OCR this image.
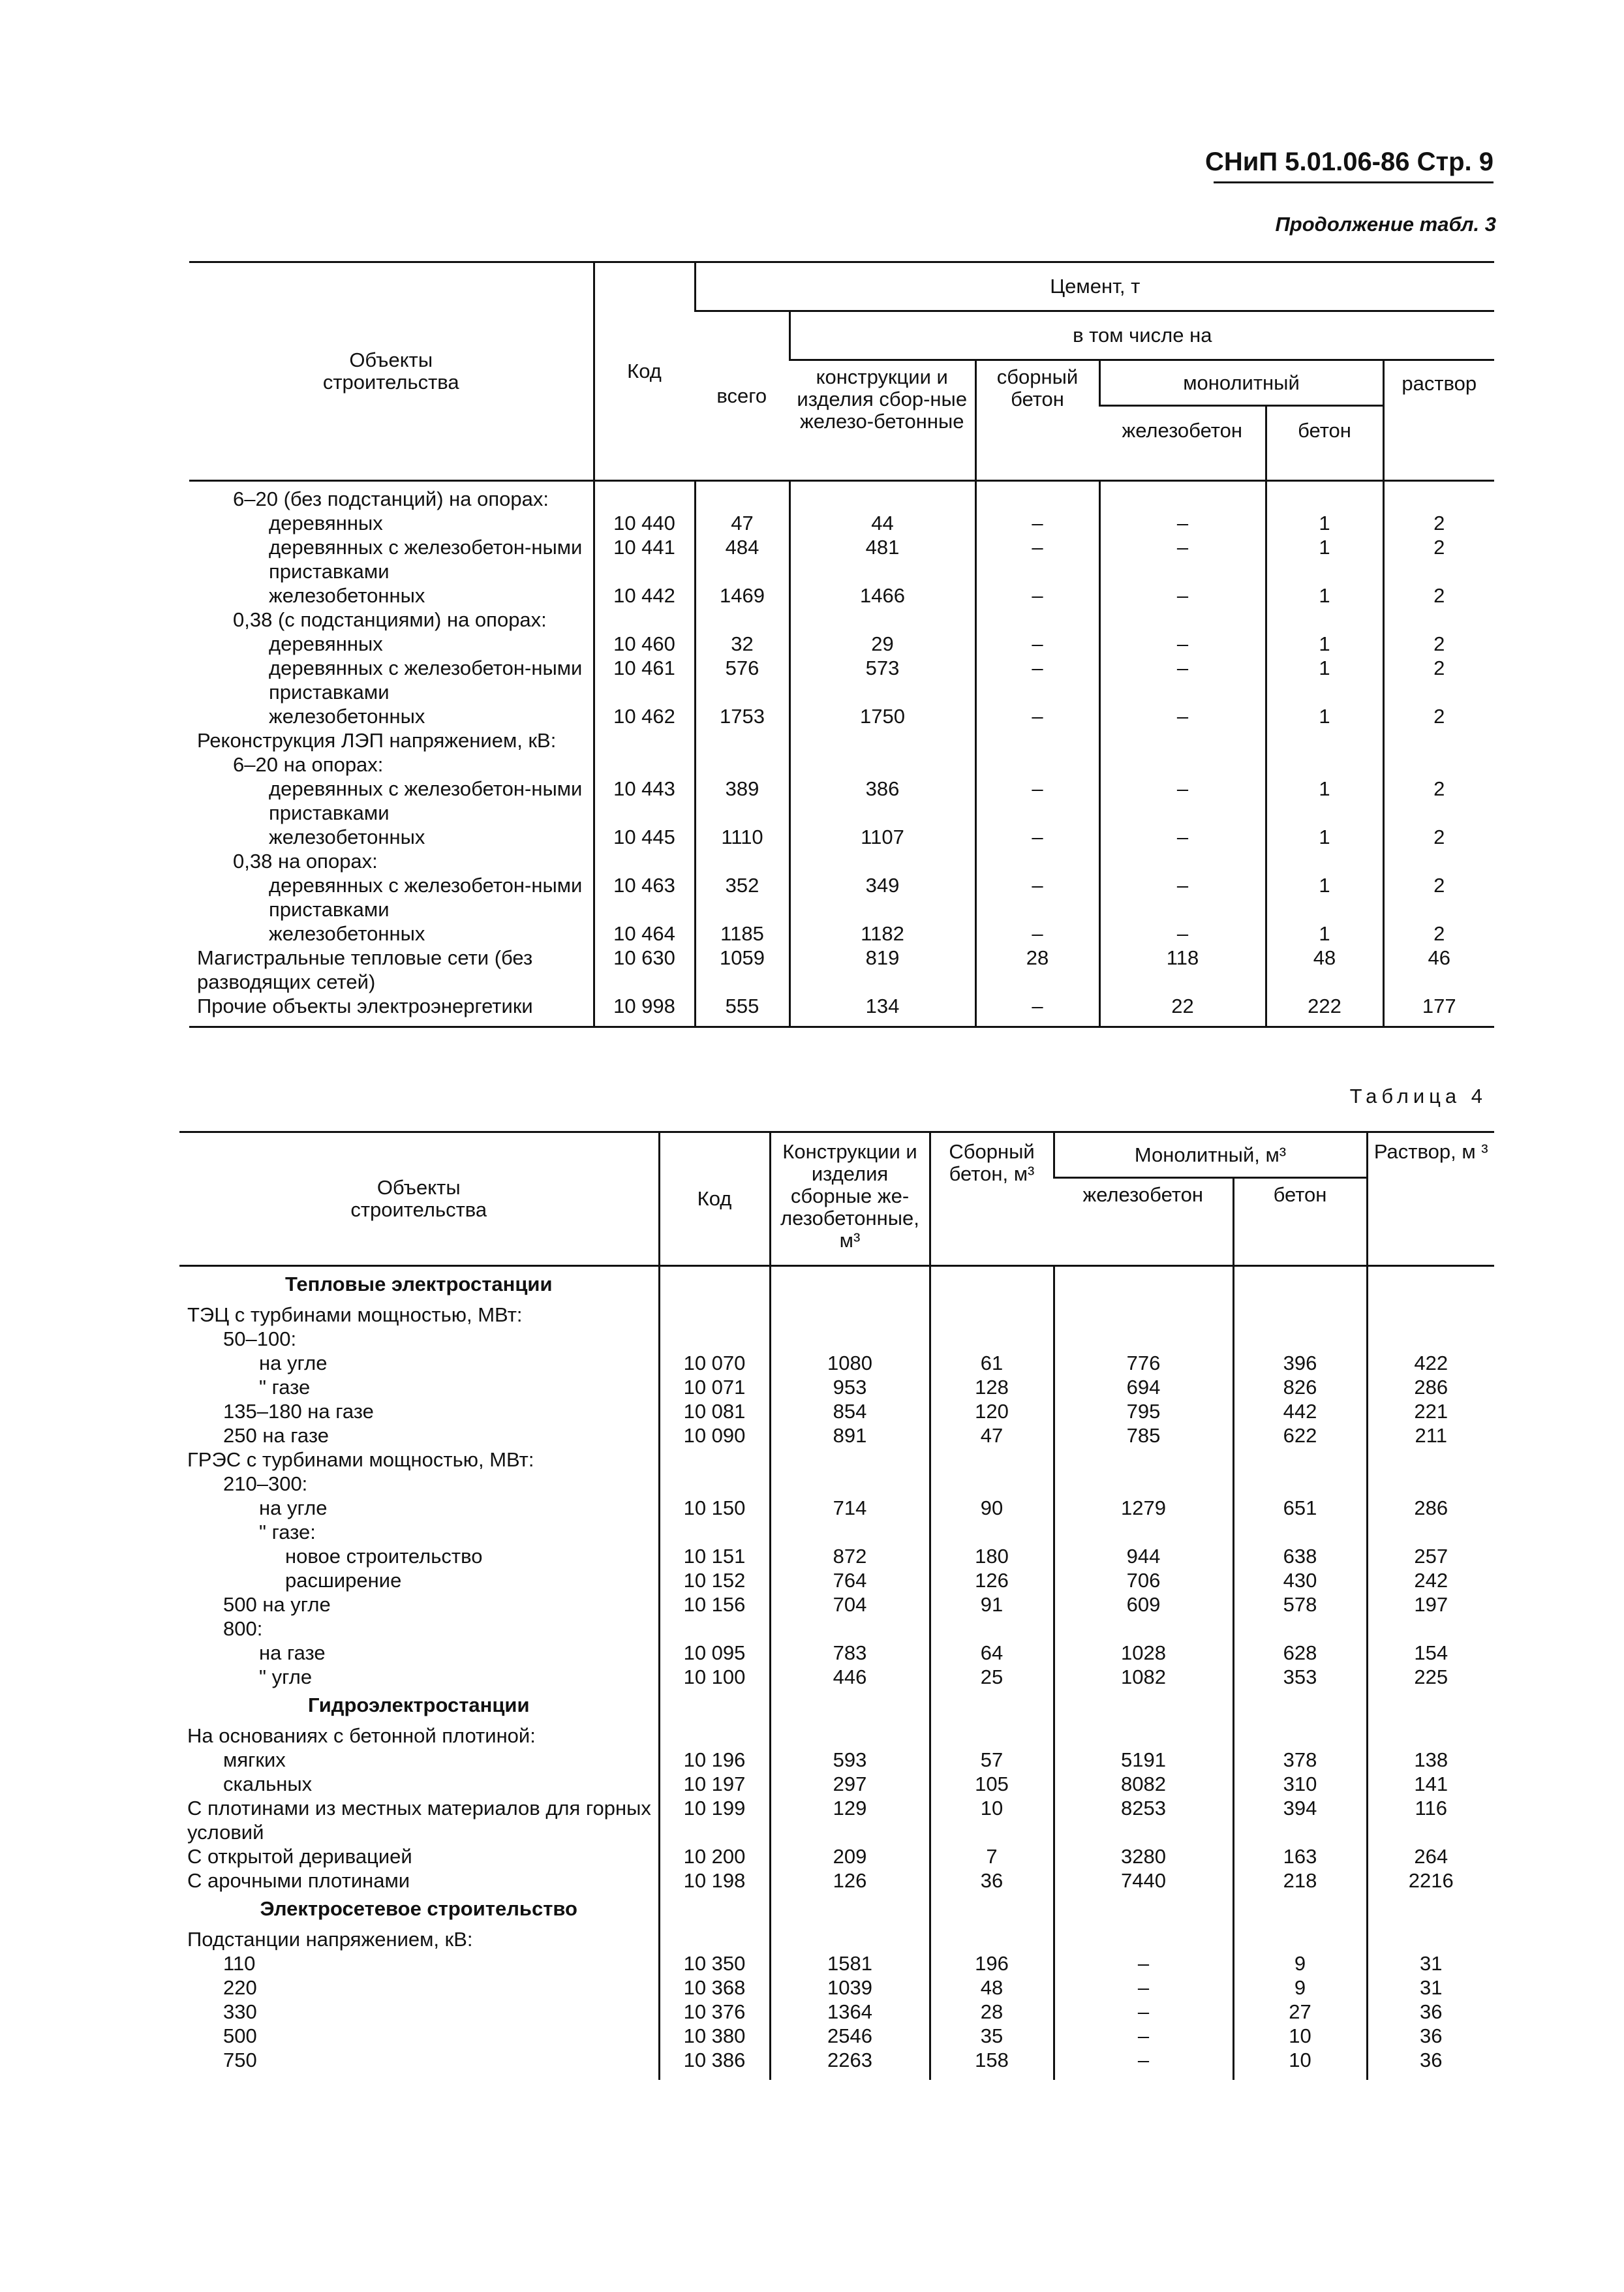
СНиП 5.01.06-86 Стр. 9
Продолжение табл. 3
Объекты строительства	Код	Цемент, т					
		всего	в том числе на				
			конструкции и изделия сбор-ные железо-бетонные	сборный бетон	монолитный		раствор
					железобетон	бетон	
6–20 (без подстанций) на опорах:							
деревянных	10 440	47	44	–	–	1	2
деревянных с железобетон-ными приставками	10 441	484	481	–	–	1	2
железобетонных	10 442	1469	1466	–	–	1	2
0,38 (с подстанциями) на опорах:							
деревянных	10 460	32	29	–	–	1	2
деревянных с железобетон-ными приставками	10 461	576	573	–	–	1	2
железобетонных	10 462	1753	1750	–	–	1	2
Реконструкция ЛЭП напряжением, кВ:							
6–20 на опорах:							
деревянных с железобетон-ными приставками	10 443	389	386	–	–	1	2
железобетонных	10 445	1110	1107	–	–	1	2
0,38 на опорах:							
деревянных с железобетон-ными приставками	10 463	352	349	–	–	1	2
железобетонных	10 464	1185	1182	–	–	1	2
Магистральные тепловые сети (без разводящих сетей)	10 630	1059	819	28	118	48	46
Прочие объекты электроэнергетики	10 998	555	134	–	22	222	177
Таблица 4
Объекты строительства	Код	Конструкции и изделия сборные же-лезобетонные, м³	Сборный бетон, м³	Монолитный, м³		Раствор, м ³
				железобетон	бетон	
Тепловые электростанции						
ТЭЦ с турбинами мощностью, МВт:						
50–100:						
на угле	10 070	1080	61	776	396	422
" газе	10 071	953	128	694	826	286
135–180 на газе	10 081	854	120	795	442	221
250 на газе	10 090	891	47	785	622	211
ГРЭС с турбинами мощностью, МВт:						
210–300:						
на угле	10 150	714	90	1279	651	286
" газе:						
новое строительство	10 151	872	180	944	638	257
расширение	10 152	764	126	706	430	242
500 на угле	10 156	704	91	609	578	197
800:						
на газе	10 095	783	64	1028	628	154
" угле	10 100	446	25	1082	353	225
Гидроэлектростанции						
На основаниях с бетонной плотиной:						
мягких	10 196	593	57	5191	378	138
скальных	10 197	297	105	8082	310	141
С плотинами из местных материалов для горных условий	10 199	129	10	8253	394	116
С открытой деривацией	10 200	209	7	3280	163	264
С арочными плотинами	10 198	126	36	7440	218	2216
Электросетевое строительство						
Подстанции напряжением, кВ:						
110	10 350	1581	196	–	9	31
220	10 368	1039	48	–	9	31
330	10 376	1364	28	–	27	36
500	10 380	2546	35	–	10	36
750	10 386	2263	158	–	10	36
